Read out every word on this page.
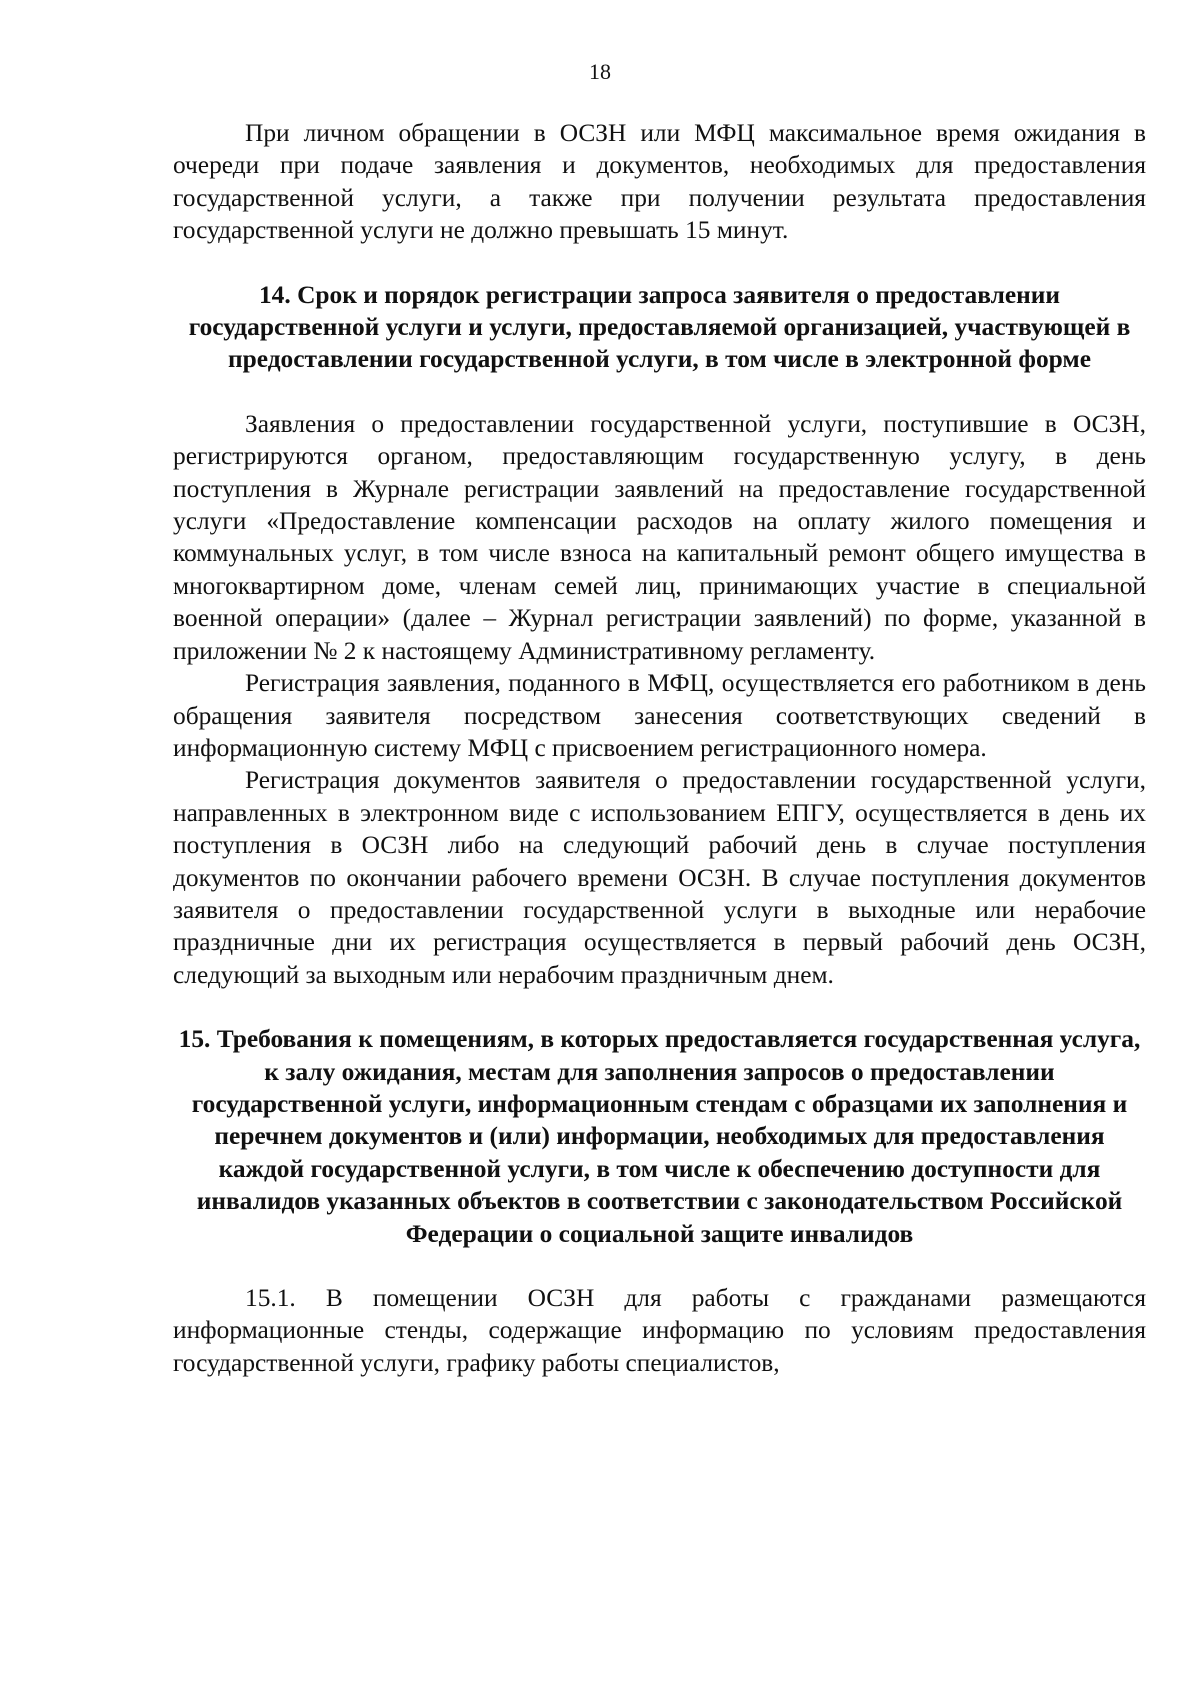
18

При личном обращении в ОСЗН или МФЦ максимальное время ожидания в очереди при подаче заявления и документов, необходимых для предоставления государственной услуги, а также при получении результата предоставления государственной услуги не должно превышать 15 минут.

14. Срок и порядок регистрации запроса заявителя о предоставлении государственной услуги и услуги, предоставляемой организацией, участвующей в предоставлении государственной услуги, в том числе в электронной форме

Заявления о предоставлении государственной услуги, поступившие в ОСЗН, регистрируются органом, предоставляющим государственную услугу, в день поступления в Журнале регистрации заявлений на предоставление государственной услуги «Предоставление компенсации расходов на оплату жилого помещения и коммунальных услуг, в том числе взноса на капитальный ремонт общего имущества в многоквартирном доме, членам семей лиц, принимающих участие в специальной военной операции» (далее – Журнал регистрации заявлений) по форме, указанной в приложении № 2 к настоящему Административному регламенту.

Регистрация заявления, поданного в МФЦ, осуществляется его работником в день обращения заявителя посредством занесения соответствующих сведений в информационную систему МФЦ с присвоением регистрационного номера.

Регистрация документов заявителя о предоставлении государственной услуги, направленных в электронном виде с использованием ЕПГУ, осуществляется в день их поступления в ОСЗН либо на следующий рабочий день в случае поступления документов по окончании рабочего времени ОСЗН. В случае поступления документов заявителя о предоставлении государственной услуги в выходные или нерабочие праздничные дни их регистрация осуществляется в первый рабочий день ОСЗН, следующий за выходным или нерабочим праздничным днем.

15. Требования к помещениям, в которых предоставляется государственная услуга, к залу ожидания, местам для заполнения запросов о предоставлении государственной услуги, информационным стендам с образцами их заполнения и перечнем документов и (или) информации, необходимых для предоставления каждой государственной услуги, в том числе к обеспечению доступности для инвалидов указанных объектов в соответствии с законодательством Российской Федерации о социальной защите инвалидов

15.1. В помещении ОСЗН для работы с гражданами размещаются информационные стенды, содержащие информацию по условиям предоставления государственной услуги, графику работы специалистов,
